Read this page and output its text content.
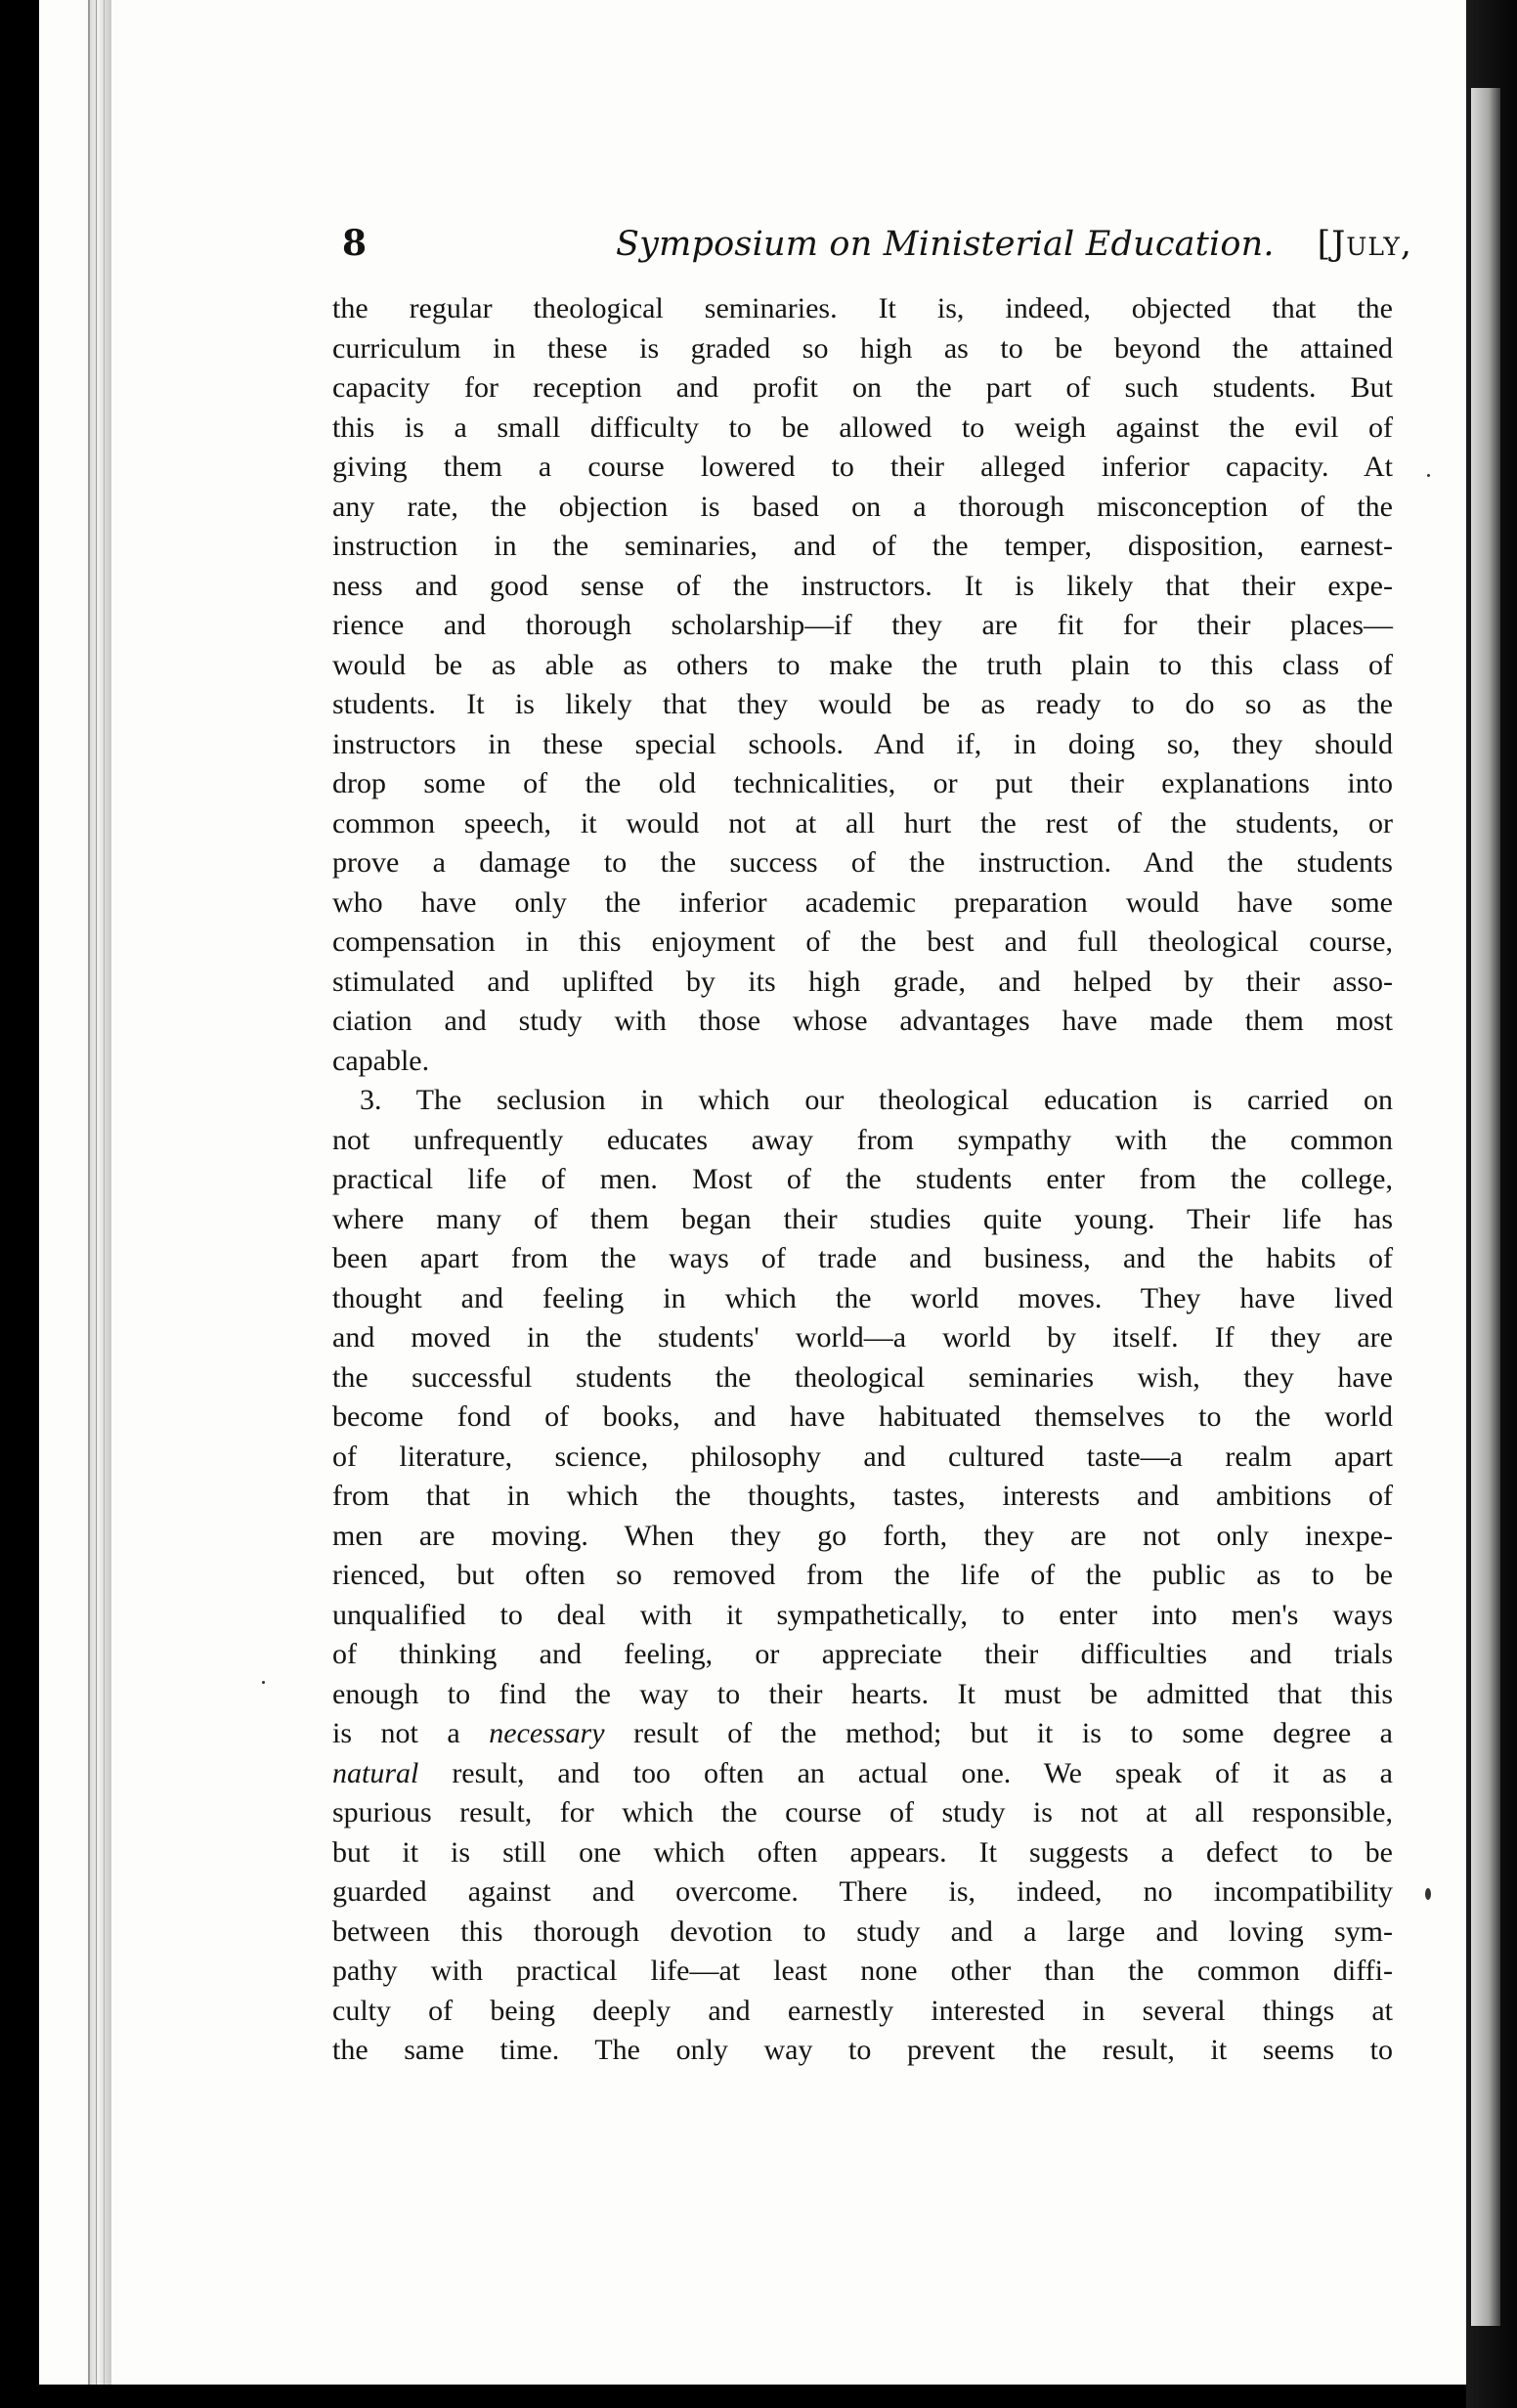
8	Symposium on Ministerial Education. [July,
the regular theological seminaries. It is, indeed, objected that the
curriculum in these is graded so high as to be beyond the attained
capacity for reception and profit on the part of such students. But
this is a small difficulty to be allowed to weigh against the evil of
giving them a course lowered to their alleged inferior capacity. At
any rate, the objection is based on a thorough misconception of the
instruction in the seminaries, and of the temper, disposition, earnest-
ness and good sense of the instructors. It is likely that their expe-
rience and thorough scholarship—if they are fit for their places—
would be as able as others to make the truth plain to this class of
students. It is likely that they would be as ready to do so as the
instructors in these special schools. And if, in doing so, they should
drop some of the old technicalities, or put their explanations into
common speech, it would not at all hurt the rest of the students, or
prove a damage to the success of the instruction. And the students
who have only the inferior academic preparation would have some
compensation in this enjoyment of the best and full theological course,
stimulated and uplifted by its high grade, and helped by their asso-
ciation and study with those whose advantages have made them most
capable.
3. The seclusion in which our theological education is carried on
not unfrequently educates away from sympathy with the common
practical life of men. Most of the students enter from the college,
where many of them began their studies quite young. Their life has
been apart from the ways of trade and business, and the habits of
thought and feeling in which the world moves. They have lived
and moved in the students' world—a world by itself. If they are
the successful students the theological seminaries wish, they have
become fond of books, and have habituated themselves to the world
of literature, science, philosophy and cultured taste—a realm apart
from that in which the thoughts, tastes, interests and ambitions of
men are moving. When they go forth, they are not only inexpe-
rienced, but often so removed from the life of the public as to be
unqualified to deal with it sympathetically, to enter into men's ways
of thinking and feeling, or appreciate their difficulties and trials
enough to find the way to their hearts. It must be admitted that this
is not a necessary result of the method; but it is to some degree a
natural result, and too often an actual one. We speak of it as a
spurious result, for which the course of study is not at all responsible,
but it is still one which often appears. It suggests a defect to be
guarded against and overcome. There is, indeed, no incompatibility
between this thorough devotion to study and a large and loving sym-
pathy with practical life—at least none other than the common diffi-
culty of being deeply and earnestly interested in several things at
the same time. The only way to prevent the result, it seems to
